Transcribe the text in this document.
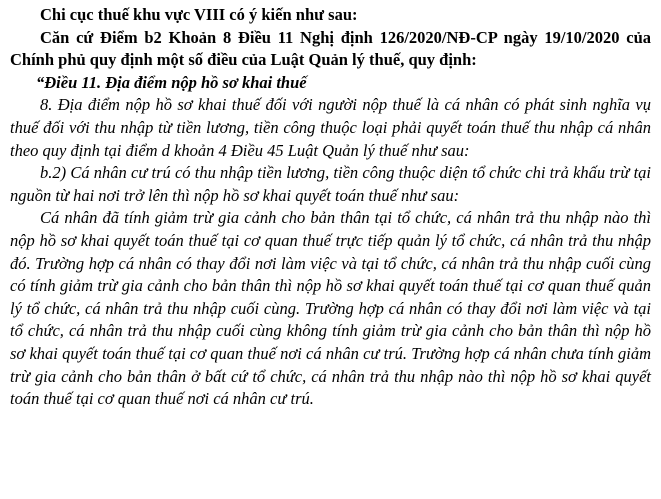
Chi cục thuế khu vực VIII có ý kiến như sau:

Căn cứ Điểm b2 Khoản 8 Điều 11 Nghị định 126/2020/NĐ-CP ngày 19/10/2020 của Chính phủ quy định một số điều của Luật Quản lý thuế, quy định:

“Điều 11. Địa điểm nộp hồ sơ khai thuế

8. Địa điểm nộp hồ sơ khai thuế đối với người nộp thuế là cá nhân có phát sinh nghĩa vụ thuế đối với thu nhập từ tiền lương, tiền công thuộc loại phải quyết toán thuế thu nhập cá nhân theo quy định tại điểm d khoản 4 Điều 45 Luật Quản lý thuế như sau:

b.2) Cá nhân cư trú có thu nhập tiền lương, tiền công thuộc diện tổ chức chi trả khấu trừ tại nguồn từ hai nơi trở lên thì nộp hồ sơ khai quyết toán thuế như sau:

Cá nhân đã tính giảm trừ gia cảnh cho bản thân tại tổ chức, cá nhân trả thu nhập nào thì nộp hồ sơ khai quyết toán thuế tại cơ quan thuế trực tiếp quản lý tổ chức, cá nhân trả thu nhập đó. Trường hợp cá nhân có thay đổi nơi làm việc và tại tổ chức, cá nhân trả thu nhập cuối cùng có tính giảm trừ gia cảnh cho bản thân thì nộp hồ sơ khai quyết toán thuế tại cơ quan thuế quản lý tổ chức, cá nhân trả thu nhập cuối cùng. Trường hợp cá nhân có thay đổi nơi làm việc và tại tổ chức, cá nhân trả thu nhập cuối cùng không tính giảm trừ gia cảnh cho bản thân thì nộp hồ sơ khai quyết toán thuế tại cơ quan thuế nơi cá nhân cư trú. Trường hợp cá nhân chưa tính giảm trừ gia cảnh cho bản thân ở bất cứ tổ chức, cá nhân trả thu nhập nào thì nộp hồ sơ khai quyết toán thuế tại cơ quan thuế nơi cá nhân cư trú.
